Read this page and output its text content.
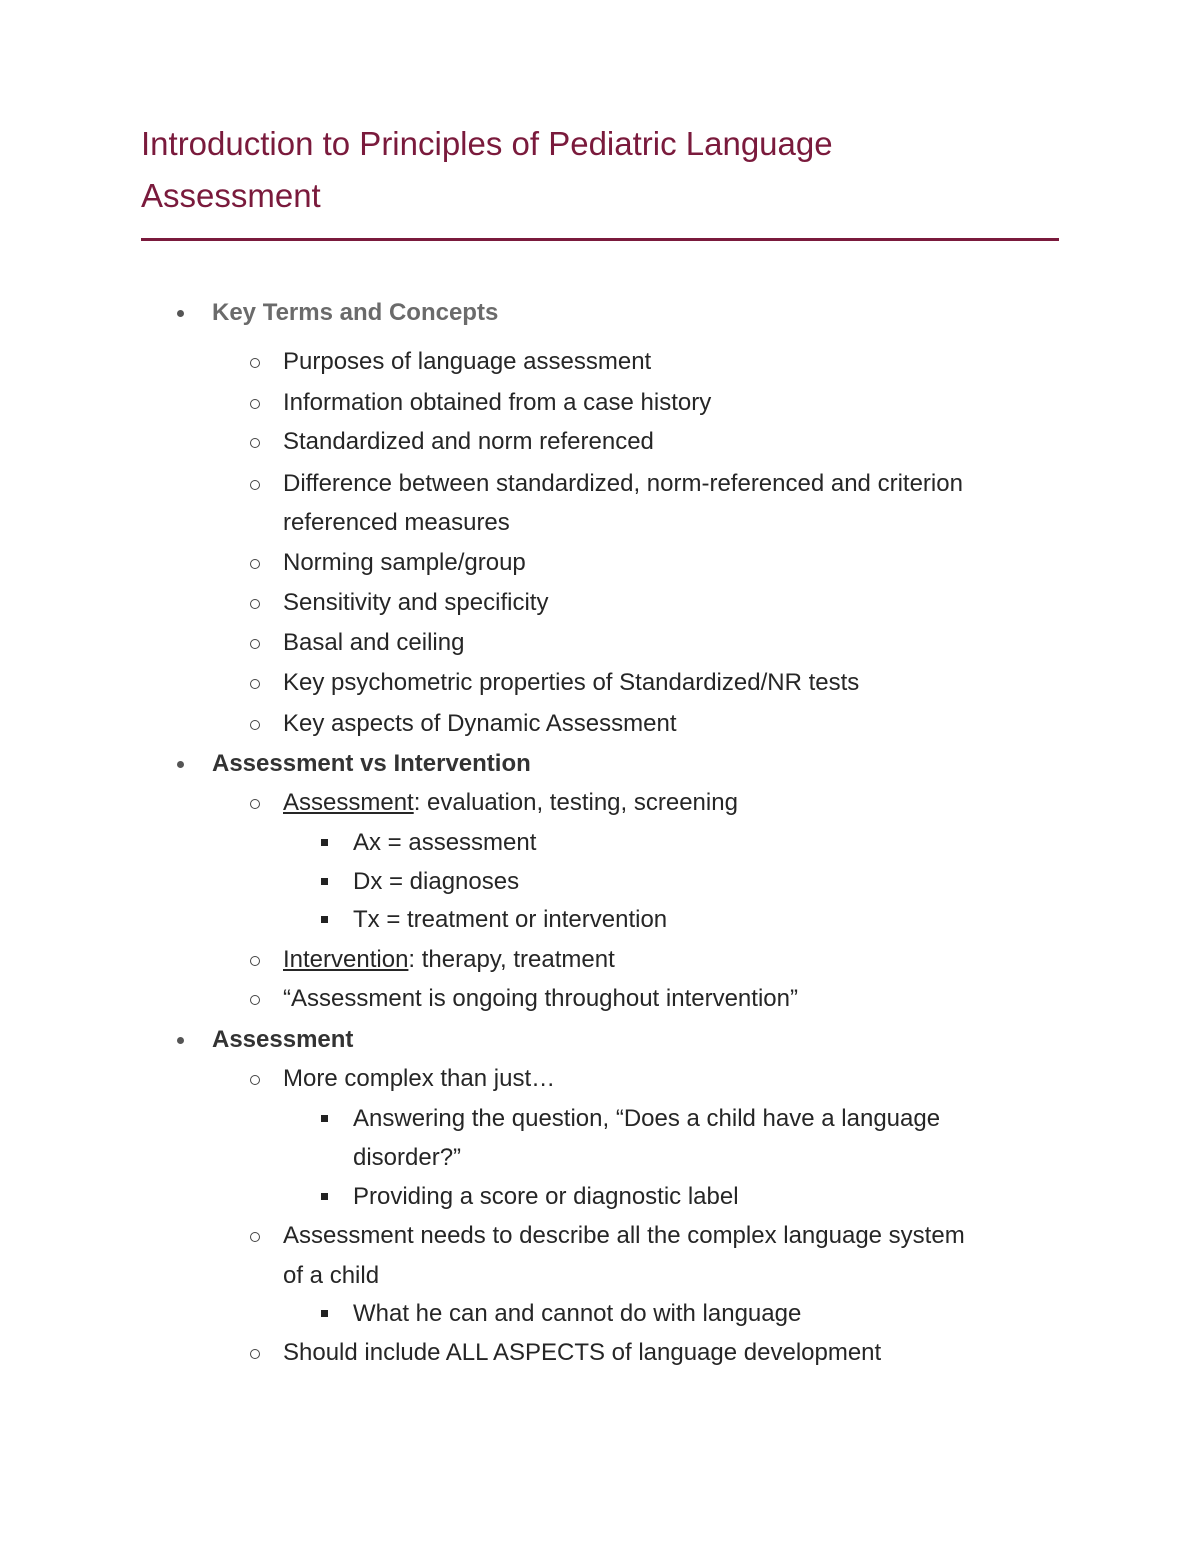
Introduction to Principles of Pediatric Language
Assessment
Key Terms and Concepts
Purposes of language assessment
Information obtained from a case history
Standardized and norm referenced
Difference between standardized, norm-referenced and criterion
referenced measures
Norming sample/group
Sensitivity and specificity
Basal and ceiling
Key psychometric properties of Standardized/NR tests
Key aspects of Dynamic Assessment
Assessment vs Intervention
Assessment: evaluation, testing, screening
Ax = assessment
Dx = diagnoses
Tx = treatment or intervention
Intervention: therapy, treatment
“Assessment is ongoing throughout intervention”
Assessment
More complex than just…
Answering the question, “Does a child have a language
disorder?”
Providing a score or diagnostic label
Assessment needs to describe all the complex language system
of a child
What he can and cannot do with language
Should include ALL ASPECTS of language development
